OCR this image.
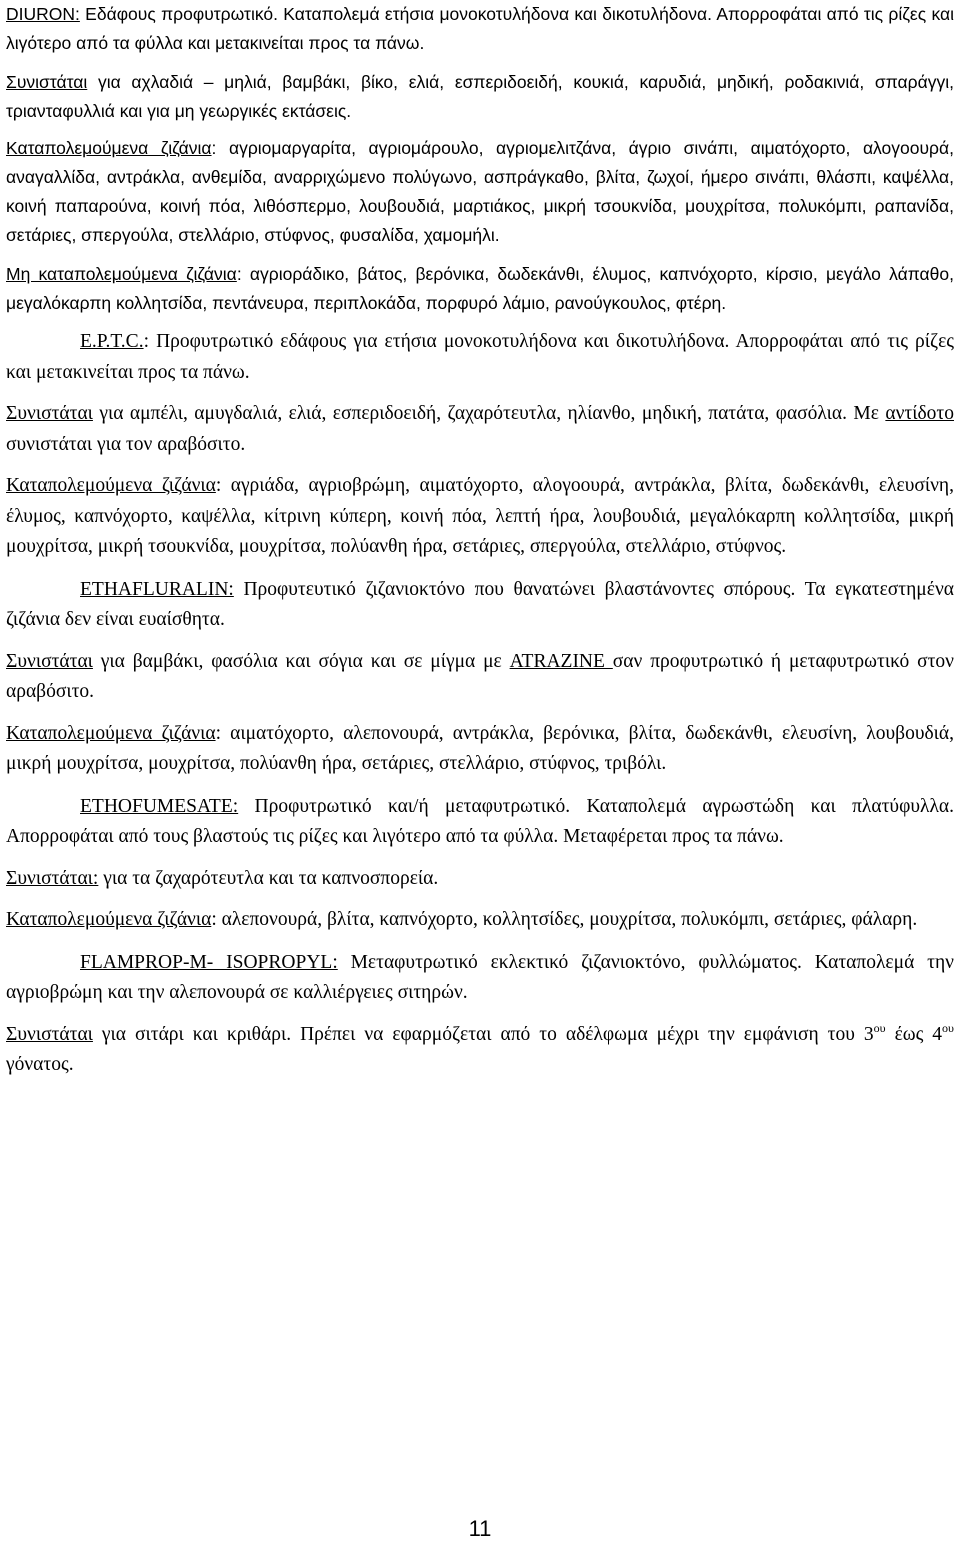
DIURON: Εδάφους προφυτρωτικό. Καταπολεμά ετήσια μονοκοτυλήδονα και δικοτυλήδονα. Απορροφάται από τις ρίζες και λιγότερο από τα φύλλα και μετακινείται προς τα πάνω.

Συνιστάται για αχλαδιά – μηλιά, βαμβάκι, βίκο, ελιά, εσπεριδοειδή, κουκιά, καρυδιά, μηδική, ροδακινιά, σπαράγγι, τριανταφυλλιά και για μη γεωργικές εκτάσεις.

Καταπολεμούμενα ζιζάνια: αγριομαργαρίτα, αγριομάρουλο, αγριομελιτζάνα, άγριο σινάπι, αιματόχορτο, αλογοουρά, αναγαλλίδα, αντράκλα, ανθεμίδα, αναρριχώμενο πολύγωνο, ασπράγκαθο, βλίτα, ζωχοί, ήμερο σινάπι, θλάσπι, καψέλλα, κοινή παπαρούνα, κοινή πόα, λιθόσπερμο, λουβουδιά, μαρτιάκος, μικρή τσουκνίδα, μουχρίτσα, πολυκόμπι, ραπανίδα, σετάριες, σπεργούλα, στελλάριο, στύφνος, φυσαλίδα, χαμομήλι.

Μη καταπολεμούμενα ζιζάνια: αγριοράδικο, βάτος, βερόνικα, δωδεκάνθι, έλυμος, καπνόχορτο, κίρσιο, μεγάλο λάπαθο, μεγαλόκαρπη κολλητσίδα, πεντάνευρα, περιπλοκάδα, πορφυρό λάμιο, ρανούγκουλος, φτέρη.

E.P.T.C.: Προφυτρωτικό εδάφους για ετήσια μονοκοτυλήδονα και δικοτυλήδονα. Απορροφάται από τις ρίζες και μετακινείται προς τα πάνω.

Συνιστάται για αμπέλι, αμυγδαλιά, ελιά, εσπεριδοειδή, ζαχαρότευτλα, ηλίανθο, μηδική, πατάτα, φασόλια. Με αντίδοτο συνιστάται για τον αραβόσιτο.

Καταπολεμούμενα ζιζάνια: αγριάδα, αγριοβρώμη, αιματόχορτο, αλογοουρά, αντράκλα, βλίτα, δωδεκάνθι, ελευσίνη, έλυμος, καπνόχορτο, καψέλλα, κίτρινη κύπερη, κοινή πόα, λεπτή ήρα, λουβουδιά, μεγαλόκαρπη κολλητσίδα, μικρή μουχρίτσα, μικρή τσουκνίδα, μουχρίτσα, πολύανθη ήρα, σετάριες, σπεργούλα, στελλάριο, στύφνος.

ETHAFLURALIN: Προφυτευτικό ζιζανιοκτόνο που θανατώνει βλαστάνοντες σπόρους. Τα εγκατεστημένα ζιζάνια δεν είναι ευαίσθητα.

Συνιστάται για βαμβάκι, φασόλια και σόγια και σε μίγμα με ATRAZINE σαν προφυτρωτικό ή μεταφυτρωτικό στον αραβόσιτο.

Καταπολεμούμενα ζιζάνια: αιματόχορτο, αλεπονουρά, αντράκλα, βερόνικα, βλίτα, δωδεκάνθι, ελευσίνη, λουβουδιά, μικρή μουχρίτσα, μουχρίτσα, πολύανθη ήρα, σετάριες, στελλάριο, στύφνος, τριβόλι.

ETHOFUMESATE: Προφυτρωτικό και/ή μεταφυτρωτικό. Καταπολεμά αγρωστώδη και πλατύφυλλα. Απορροφάται από τους βλαστούς τις ρίζες και λιγότερο από τα φύλλα. Μεταφέρεται προς τα πάνω.

Συνιστάται: για τα ζαχαρότευτλα και τα καπνοσπορεία.

Καταπολεμούμενα ζιζάνια: αλεπονουρά, βλίτα, καπνόχορτο, κολλητσίδες, μουχρίτσα, πολυκόμπι, σετάριες, φάλαρη.

FLAMPROP-M- ISOPROPYL: Μεταφυτρωτικό εκλεκτικό ζιζανιοκτόνο, φυλλώματος. Καταπολεμά την αγριοβρώμη και την αλεπονουρά σε καλλιέργειες σιτηρών.

Συνιστάται για σιτάρι και κριθάρι. Πρέπει να εφαρμόζεται από το αδέλφωμα μέχρι την εμφάνιση του $3^{o\upsilon}$ έως $4^{o\upsilon}$ γόνατος.

11
